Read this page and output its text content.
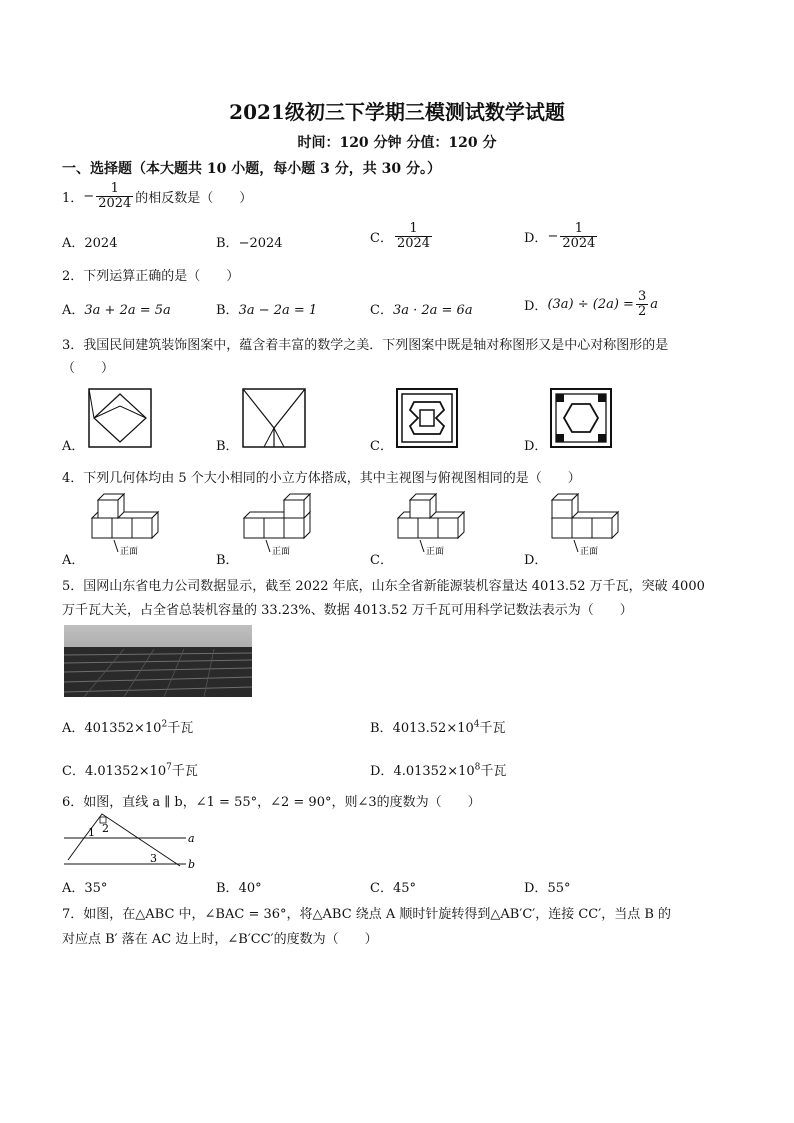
2021级初三下学期三模测试数学试题
时间：120 分钟 分值：120 分
一、选择题（本大题共 10 小题，每小题 3 分，共 30 分。）
1． − $\frac{1}{2024}$ 的相反数是（　　）
A．2024	B．−2024	C． $\frac{1}{2024}$	D． − $\frac{1}{2024}$
2．下列运算正确的是（　　）
A．3a + 2a = 5a	B．3a − 2a = 1	C．3a · 2a = 6a	D． $(3a) \div (2a) = \frac{3}{2}$ a
3．我国民间建筑装饰图案中，蕴含着丰富的数学之美．下列图案中既是轴对称图形又是中心对称图形的是
（　　）
A．	B．	C．	D．
4．下列几何体均由 5 个大小相同的小立方体搭成，其中主视图与俯视图相同的是（　　）
A．
正面
B．
正面
C．
正面
D．
正面
5．国网山东省电力公司数据显示，截至 2022 年底，山东全省新能源装机容量达 4013.52 万千瓦，突破 4000
万千瓦大关，占全省总装机容量的 33.23%、数据 4013.52 万千瓦可用科学记数法表示为（　　）
A．$401352\times 10^2$千瓦	B．$4013.52\times 10^4$千瓦
C．$4.01352\times 10^7$千瓦	D．$4.01352\times 10^8$千瓦
6．如图，直线 a ∥ b，∠1 = 55°，∠2 = 90°，则∠3的度数为（　　）
1 2
3
a
b
A．35°	B．40°	C．45°	D．55°
7．如图，在△ABC 中，∠BAC = 36°，将△ABC 绕点 A 顺时针旋转得到△AB′C′，连接 CC′，当点 B 的
对应点 B′ 落在 AC 边上时，∠B′CC′的度数为（　　）
